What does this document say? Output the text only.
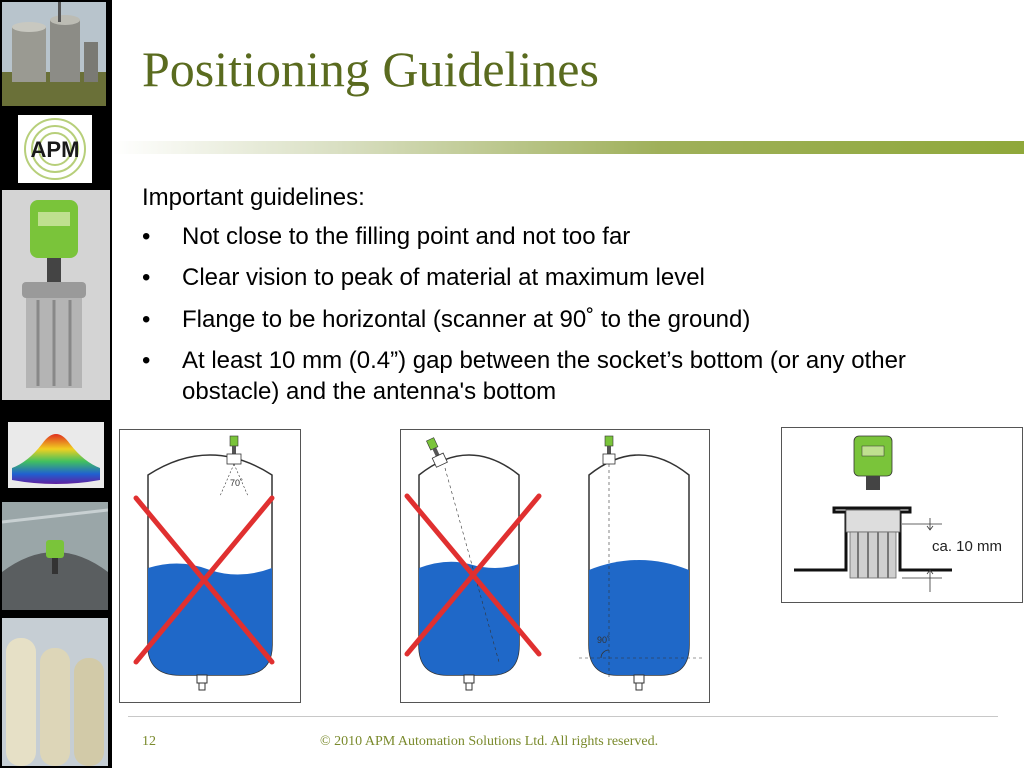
APM
Positioning Guidelines

Important guidelines:

• Not close to the filling point and not too far
• Clear vision to peak of material at maximum level
• Flange to be horizontal (scanner at 90˚ to the ground)
• At least 10 mm (0.4”) gap between the socket’s bottom (or any other obstacle) and the antenna's bottom
70˚
90˚
ca. 10 mm
12	© 2010 APM Automation Solutions Ltd. All rights reserved.
